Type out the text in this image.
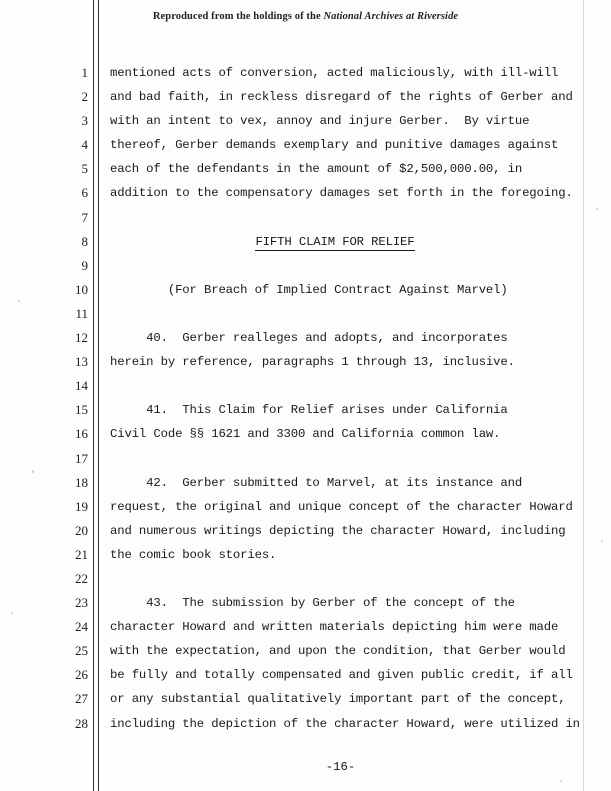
Reproduced from the holdings of the National Archives at Riverside
1
2
3
4
5
6
7
8
9
10
11
12
13
14
15
16
17
18
19
20
21
22
23
24
25
26
27
28
mentioned acts of conversion, acted maliciously, with ill-will
and bad faith, in reckless disregard of the rights of Gerber and
with an intent to vex, annoy and injure Gerber.  By virtue
thereof, Gerber demands exemplary and punitive damages against
each of the defendants in the amount of $2,500,000.00, in
addition to the compensatory damages set forth in the foregoing.
FIFTH CLAIM FOR RELIEF
(For Breach of Implied Contract Against Marvel)
40.  Gerber realleges and adopts, and incorporates
herein by reference, paragraphs 1 through 13, inclusive.
41.  This Claim for Relief arises under California
Civil Code §§ 1621 and 3300 and California common law.
42.  Gerber submitted to Marvel, at its instance and
request, the original and unique concept of the character Howard
and numerous writings depicting the character Howard, including
the comic book stories.
43.  The submission by Gerber of the concept of the
character Howard and written materials depicting him were made
with the expectation, and upon the condition, that Gerber would
be fully and totally compensated and given public credit, if all
or any substantial qualitatively important part of the concept,
including the depiction of the character Howard, were utilized in
-16-
